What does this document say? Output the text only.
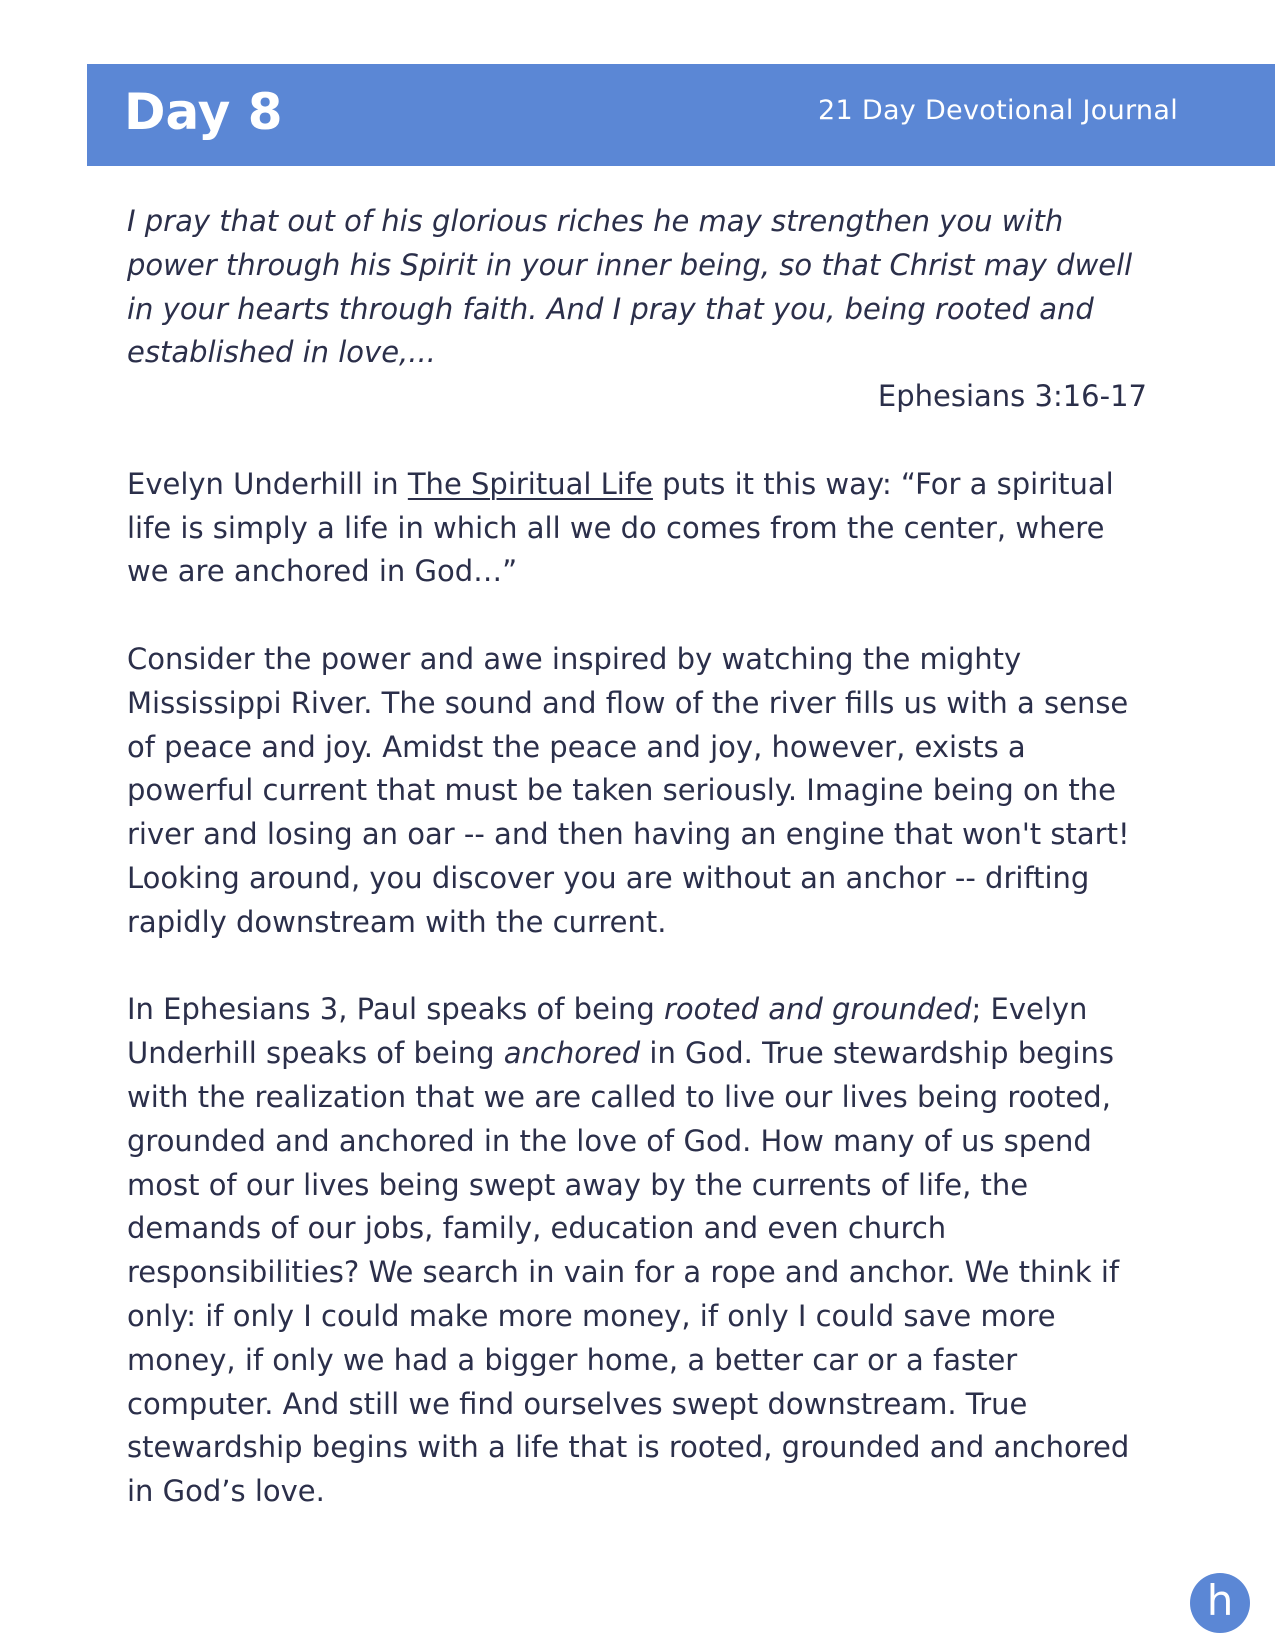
Day 8	21 Day Devotional Journal

I pray that out of his glorious riches he may strengthen you with power through his Spirit in your inner being, so that Christ may dwell in your hearts through faith. And I pray that you, being rooted and established in love,...

Ephesians 3:16-17

Evelyn Underhill in The Spiritual Life puts it this way: “For a spiritual life is simply a life in which all we do comes from the center, where we are anchored in God…”

Consider the power and awe inspired by watching the mighty Mississippi River. The sound and flow of the river fills us with a sense of peace and joy. Amidst the peace and joy, however, exists a powerful current that must be taken seriously. Imagine being on the river and losing an oar -- and then having an engine that won't start! Looking around, you discover you are without an anchor -- drifting rapidly downstream with the current.

In Ephesians 3, Paul speaks of being rooted and grounded; Evelyn Underhill speaks of being anchored in God. True stewardship begins with the realization that we are called to live our lives being rooted, grounded and anchored in the love of God. How many of us spend most of our lives being swept away by the currents of life, the demands of our jobs, family, education and even church responsibilities? We search in vain for a rope and anchor. We think if only: if only I could make more money, if only I could save more money, if only we had a bigger home, a better car or a faster computer. And still we find ourselves swept downstream. True stewardship begins with a life that is rooted, grounded and anchored in God’s love.

h
